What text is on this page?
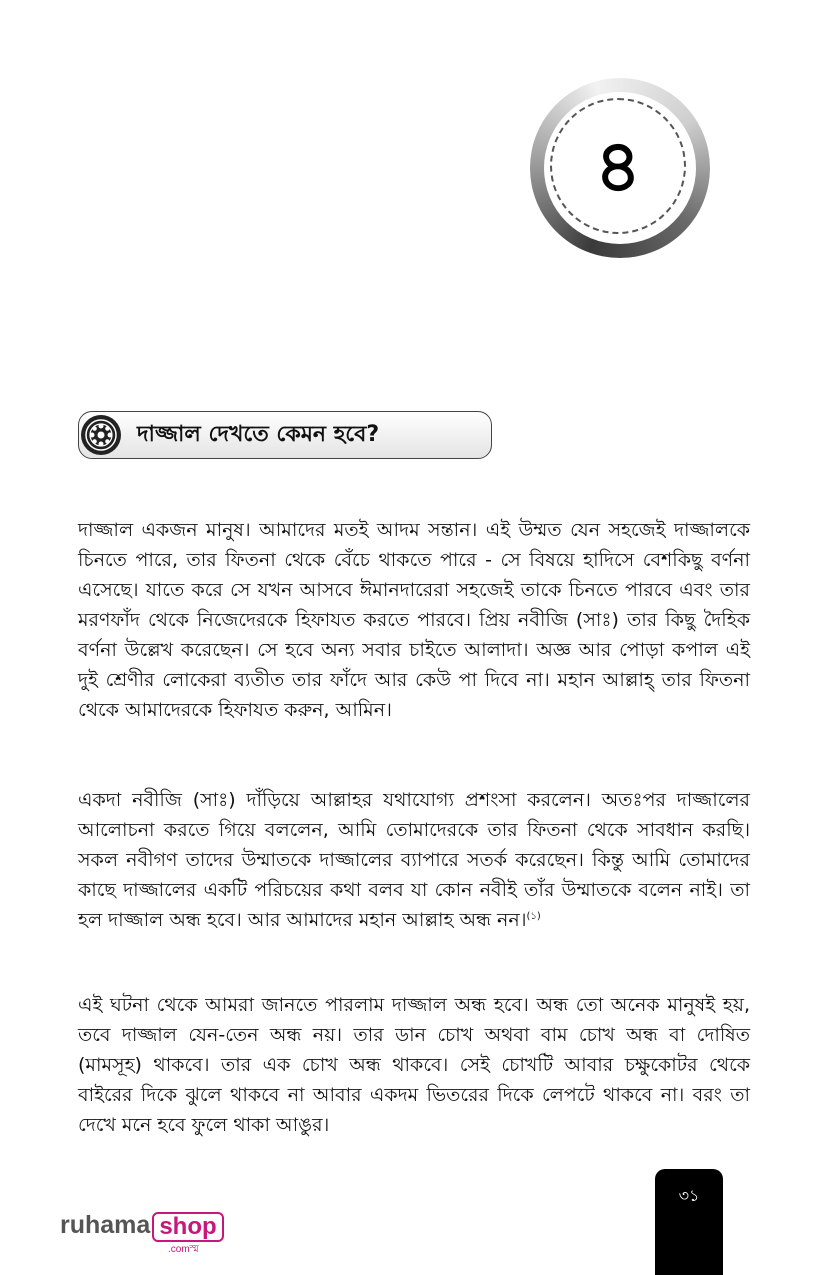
৪
দাজ্জাল দেখতে কেমন হবে?

দাজ্জাল একজন মানুষ। আমাদের মতই আদম সন্তান। এই উম্মত যেন সহজেই দাজ্জালকে চিনতে পারে, তার ফিতনা থেকে বেঁচে থাকতে পারে - সে বিষয়ে হাদিসে বেশকিছু বর্ণনা এসেছে। যাতে করে সে যখন আসবে ঈমানদারেরা সহজেই তাকে চিনতে পারবে এবং তার মরণফাঁদ থেকে নিজেদেরকে হিফাযত করতে পারবে। প্রিয় নবীজি (সাঃ) তার কিছু দৈহিক বর্ণনা উল্লেখ করেছেন। সে হবে অন্য সবার চাইতে আলাদা। অজ্ঞ আর পোড়া কপাল এই দুই শ্রেণীর লোকেরা ব্যতীত তার ফাঁদে আর কেউ পা দিবে না। মহান আল্লাহ্ তার ফিতনা থেকে আমাদেরকে হিফাযত করুন, আমিন।

একদা নবীজি (সাঃ) দাঁড়িয়ে আল্লাহর যথাযোগ্য প্রশংসা করলেন। অতঃপর দাজ্জালের আলোচনা করতে গিয়ে বললেন, আমি তোমাদেরকে তার ফিতনা থেকে সাবধান করছি। সকল নবীগণ তাদের উম্মাতকে দাজ্জালের ব্যাপারে সতর্ক করেছেন। কিন্তু আমি তোমাদের কাছে দাজ্জালের একটি পরিচয়ের কথা বলব যা কোন নবীই তাঁর উম্মাতকে বলেন নাই। তা হল দাজ্জাল অন্ধ হবে। আর আমাদের মহান আল্লাহ অন্ধ নন।$^{(১)}$

এই ঘটনা থেকে আমরা জানতে পারলাম দাজ্জাল অন্ধ হবে। অন্ধ তো অনেক মানুষই হয়, তবে দাজ্জাল যেন-তেন অন্ধ নয়। তার ডান চোখ অথবা বাম চোখ অন্ধ বা দোষিত (মামসূহ) থাকবে। তার এক চোখ অন্ধ থাকবে। সেই চোখটি আবার চক্ষুকোটর থেকে বাইরের দিকে ঝুলে থাকবে না আবার একদম ভিতরের দিকে লেপটে থাকবে না। বরং তা দেখে মনে হবে ফুলে থাকা আঙুর।

৩১
ruhama shop
.comস্ম
